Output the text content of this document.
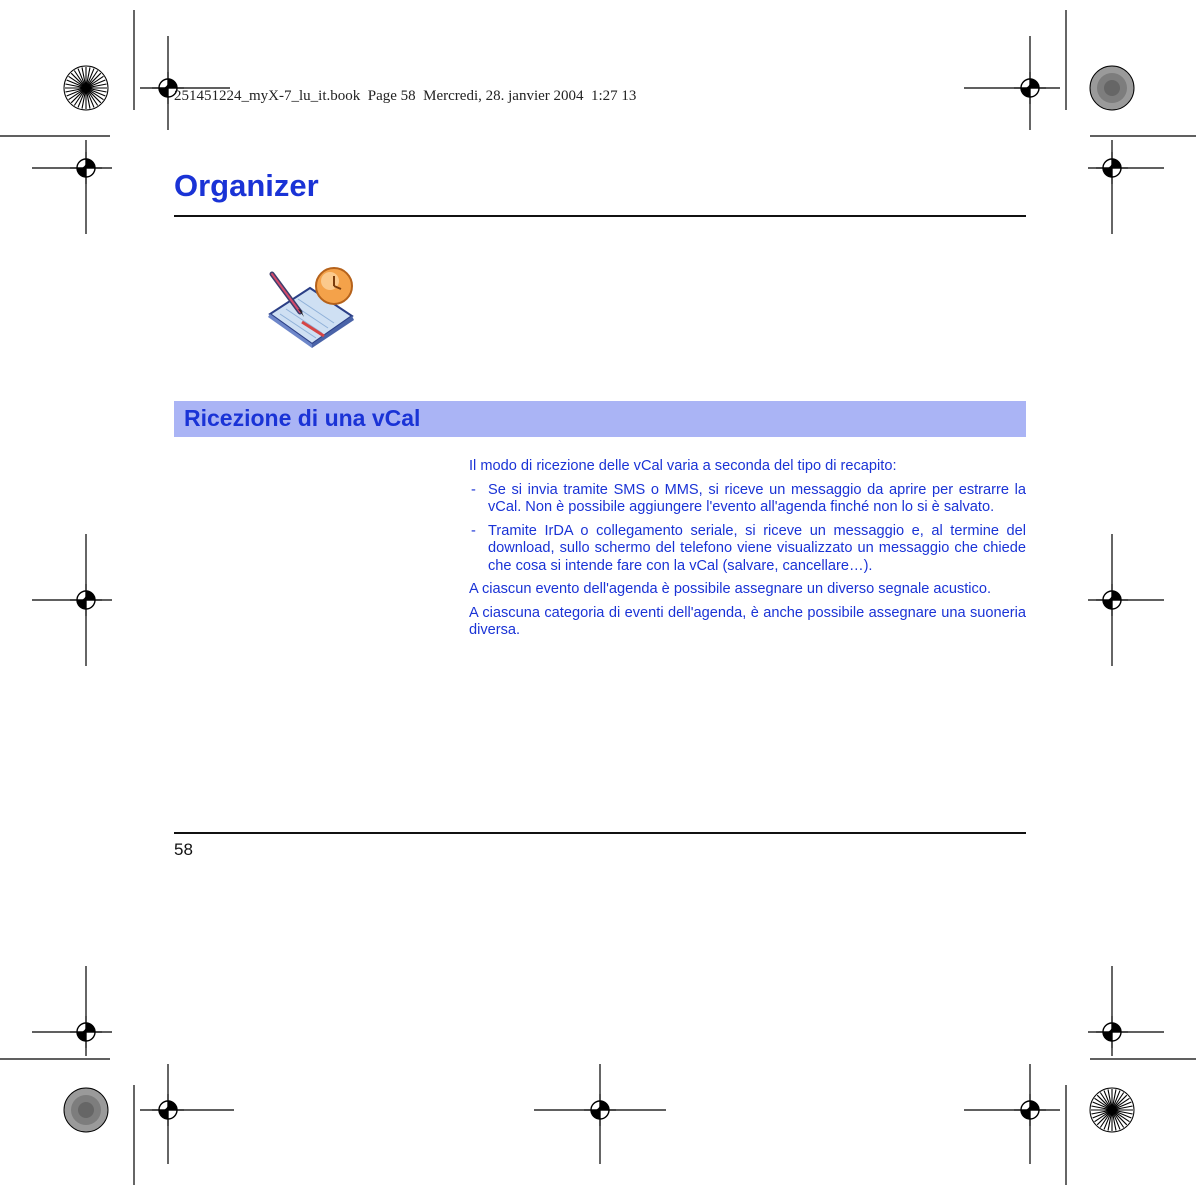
251451224_myX-7_lu_it.book  Page 58  Mercredi, 28. janvier 2004  1:27 13
Organizer
Ricezione di una vCal

Il modo di ricezione delle vCal varia a seconda del tipo di recapito:

- Se si invia tramite SMS o MMS, si riceve un messaggio da aprire per estrarre la vCal. Non è possibile aggiungere l'evento all'agenda finché non lo si è salvato.
- Tramite IrDA o collegamento seriale, si riceve un messaggio e, al termine del download, sullo schermo del telefono viene visualizzato un messaggio che chiede che cosa si intende fare con la vCal (salvare, cancellare…).

A ciascun evento dell'agenda è possibile assegnare un diverso segnale acustico.

A ciascuna categoria di eventi dell'agenda, è anche possibile assegnare una suoneria diversa.

58
